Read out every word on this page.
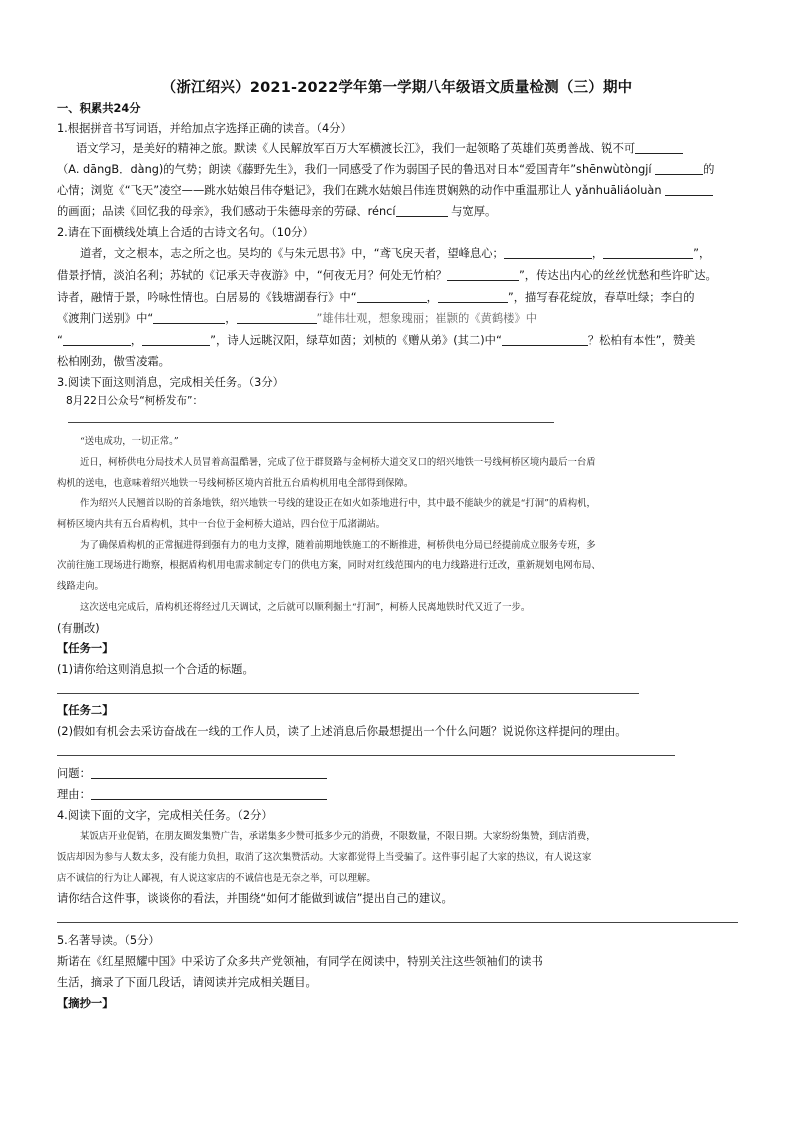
（浙江绍兴）2021-2022学年第一学期八年级语文质量检测（三）期中
一、积累共24分
1.根据拼音书写词语，并给加点字选择正确的读音。（4分）
语文学习，是美好的精神之旅。默读《人民解放军百万大军横渡长江》，我们一起领略了英雄们英勇善战、锐不可
（A. dāngB．dàng)的气势；朗读《藤野先生》，我们一同感受了作为弱国子民的鲁迅对日本“爱国青年”shēnwùtòngjí	的
心情；浏览《“飞天”凌空——跳水姑娘吕伟夺魁记》，我们在跳水姑娘吕伟连贯娴熟的动作中重温那让人 yǎnhuāliáoluàn
的画面；品读《回忆我的母亲》，我们感动于朱德母亲的劳碌、réncí	与宽厚。
2.请在下面横线处填上合适的古诗文名句。（10分）
道者，文之根本，志之所之也。吴均的《与朱元思书》中，“鸢飞戾天者，望峰息心；	，	”，
借景抒情，淡泊名利；苏轼的《记承天寺夜游》中，“何夜无月？何处无竹柏？	”，传达出内心的丝丝忧愁和些许旷达。
诗者，融情于景，吟咏性情也。白居易的《钱塘湖春行》中“	，	”，描写春花绽放，春草吐绿；李白的
《渡荆门送别》中“	，	”雄伟壮观，想象瑰丽；崔颢的《黄鹤楼》中
“	，	”，诗人远眺汉阳，绿草如茵；刘桢的《赠从弟》(其二)中“	？松柏有本性”，赞美
松柏刚劲，傲雪凌霜。
3.阅读下面这则消息，完成相关任务。（3分）
8月22日公众号“柯桥发布”：
“送电成功，一切正常。”
近日，柯桥供电分局技术人员冒着高温酷暑，完成了位于群贤路与金柯桥大道交叉口的绍兴地铁一号线柯桥区境内最后一台盾
构机的送电，也意味着绍兴地铁一号线柯桥区境内首批五台盾构机用电全部得到保障。
作为绍兴人民翘首以盼的首条地铁，绍兴地铁一号线的建设正在如火如荼地进行中，其中最不能缺少的就是“打洞”的盾构机，
柯桥区境内共有五台盾构机，其中一台位于金柯桥大道站，四台位于瓜渚湖站。
为了确保盾构机的正常掘进得到强有力的电力支撑，随着前期地铁施工的不断推进，柯桥供电分局已经提前成立服务专班，多
次前往施工现场进行勘察，根据盾构机用电需求制定专门的供电方案，同时对红线范围内的电力线路进行迁改，重新规划电网布局、
线路走向。
这次送电完成后，盾构机还将经过几天调试，之后就可以顺利掘土“打洞”，柯桥人民离地铁时代又近了一步。
(有删改)
【任务一】
(1)请你给这则消息拟一个合适的标题。
【任务二】
(2)假如有机会去采访奋战在一线的工作人员，读了上述消息后你最想提出一个什么问题？说说你这样提问的理由。
问题：
理由：
4.阅读下面的文字，完成相关任务。（2分）
某饭店开业促销，在朋友圈发集赞广告，承诺集多少赞可抵多少元的消费，不限数量，不限日期。大家纷纷集赞，到店消费，
饭店却因为参与人数太多，没有能力负担，取消了这次集赞活动。大家都觉得上当受骗了。这件事引起了大家的热议，有人说这家
店不诚信的行为让人鄙视，有人说这家店的不诚信也是无奈之举，可以理解。
请你结合这件事，谈谈你的看法，并围绕“如何才能做到诚信”提出自己的建议。
5.名著导读。（5分）
斯诺在《红星照耀中国》中采访了众多共产党领袖，有同学在阅读中，特别关注这些领袖们的读书
生活，摘录了下面几段话，请阅读并完成相关题目。
【摘抄一】
